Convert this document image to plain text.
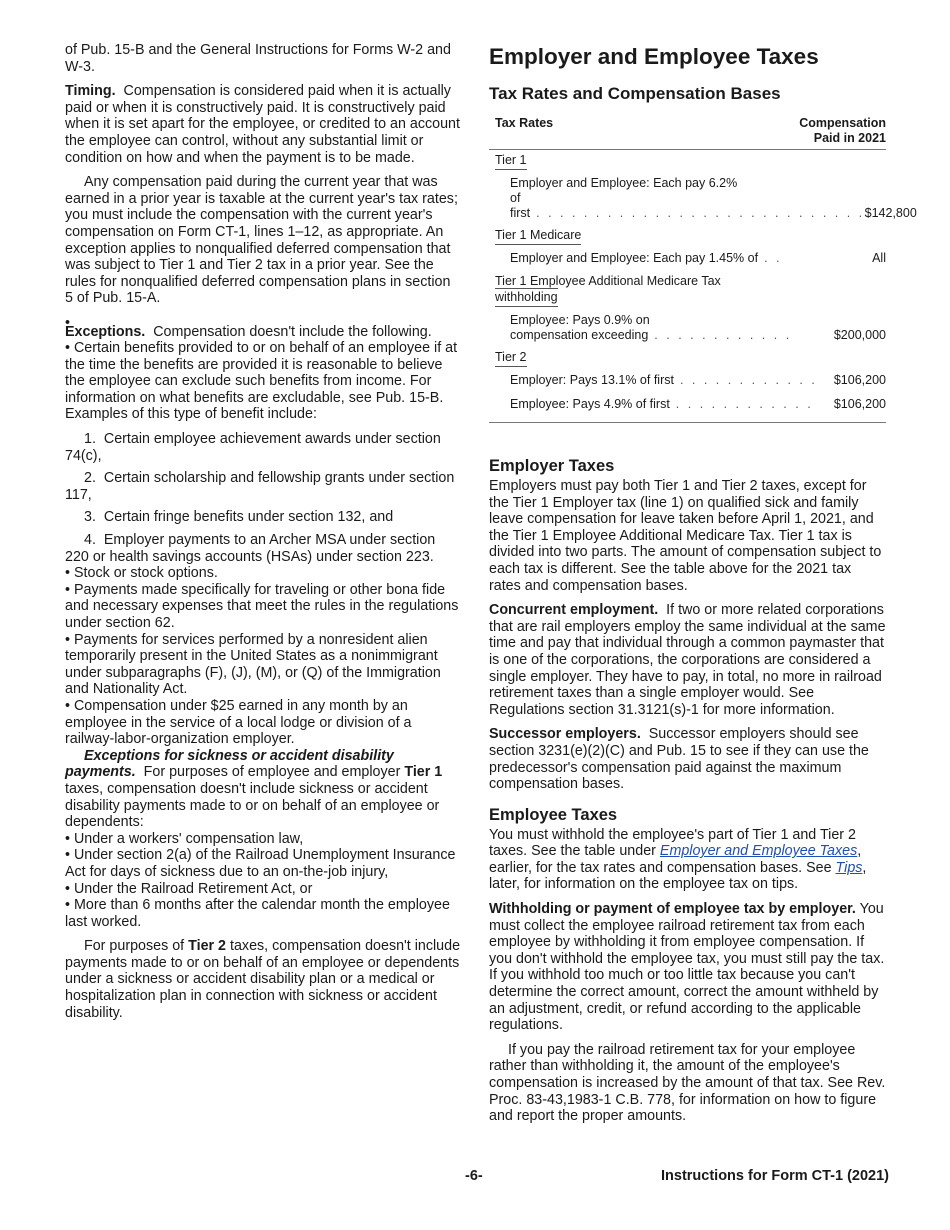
of Pub. 15-B and the General Instructions for Forms W-2 and W-3.

Timing. Compensation is considered paid when it is actually paid or when it is constructively paid. It is constructively paid when it is set apart for the employee, or credited to an account the employee can control, without any substantial limit or condition on how and when the payment is to be made.

Any compensation paid during the current year that was earned in a prior year is taxable at the current year's tax rates; you must include the compensation with the current year's compensation on Form CT-1, lines 1–12, as appropriate. An exception applies to nonqualified deferred compensation that was subject to Tier 1 and Tier 2 tax in a prior year. See the rules for nonqualified deferred compensation plans in section 5 of Pub. 15-A.

•

Exceptions. Compensation doesn't include the following.
• Certain benefits provided to or on behalf of an employee if at the time the benefits are provided it is reasonable to believe the employee can exclude such benefits from income. For information on what benefits are excludable, see Pub. 15-B. Examples of this type of benefit include:

1.  Certain employee achievement awards under section 74(c),

2.  Certain scholarship and fellowship grants under section 117,

3.  Certain fringe benefits under section 132, and

4.  Employer payments to an Archer MSA under section 220 or health savings accounts (HSAs) under section 223.

• Stock or stock options.
• Payments made specifically for traveling or other bona fide and necessary expenses that meet the rules in the regulations under section 62.
• Payments for services performed by a nonresident alien temporarily present in the United States as a nonimmigrant under subparagraphs (F), (J), (M), or (Q) of the Immigration and Nationality Act.
• Compensation under $25 earned in any month by an employee in the service of a local lodge or division of a railway-labor-organization employer.
Exceptions for sickness or accident disability payments. For purposes of employee and employer Tier 1 taxes, compensation doesn't include sickness or accident disability payments made to or on behalf of an employee or dependents:
• Under a workers' compensation law,
• Under section 2(a) of the Railroad Unemployment Insurance Act for days of sickness due to an on-the-job injury,
• Under the Railroad Retirement Act, or
• More than 6 months after the calendar month the employee last worked.

For purposes of Tier 2 taxes, compensation doesn't include payments made to or on behalf of an employee or dependents under a sickness or accident disability plan or a medical or hospitalization plan in connection with sickness or accident disability.

Employer and Employee Taxes
Tax Rates and Compensation Bases
Tax Rates	Compensation
Paid in 2021
Tier 1
Employer and Employee: Each pay 6.2%
of first . . . . . . . . . . . . . . . . . . . . . . . . . . . . $142,800
Tier 1 Medicare
Employer and Employee: Each pay 1.45% of . .	All
Tier 1 Employee Additional Medicare Tax
withholding
Employee: Pays 0.9% on
compensation exceeding . . . . . . . . . . . .	$200,000
Tier 2
Employer: Pays 13.1% of first . . . . . . . . . . . . $106,200
Employee: Pays 4.9% of first . . . . . . . . . . . . $106,200
Employer Taxes

Employers must pay both Tier 1 and Tier 2 taxes, except for the Tier 1 Employer tax (line 1) on qualified sick and family leave compensation for leave taken before April 1, 2021, and the Tier 1 Employee Additional Medicare Tax. Tier 1 tax is divided into two parts. The amount of compensation subject to each tax is different. See the table above for the 2021 tax rates and compensation bases.

Concurrent employment. If two or more related corporations that are rail employers employ the same individual at the same time and pay that individual through a common paymaster that is one of the corporations, the corporations are considered a single employer. They have to pay, in total, no more in railroad retirement taxes than a single employer would. See Regulations section 31.3121(s)-1 for more information.

Successor employers. Successor employers should see section 3231(e)(2)(C) and Pub. 15 to see if they can use the predecessor's compensation paid against the maximum compensation bases.

Employee Taxes

You must withhold the employee's part of Tier 1 and Tier 2 taxes. See the table under Employer and Employee Taxes, earlier, for the tax rates and compensation bases. See Tips, later, for information on the employee tax on tips.

Withholding or payment of employee tax by employer. You must collect the employee railroad retirement tax from each employee by withholding it from employee compensation. If you don't withhold the employee tax, you must still pay the tax. If you withhold too much or too little tax because you can't determine the correct amount, correct the amount withheld by an adjustment, credit, or refund according to the applicable regulations.

If you pay the railroad retirement tax for your employee rather than withholding it, the amount of the employee's compensation is increased by the amount of that tax. See Rev. Proc. 83-43,1983-1 C.B. 778, for information on how to figure and report the proper amounts.

-6-	Instructions for Form CT-1 (2021)
